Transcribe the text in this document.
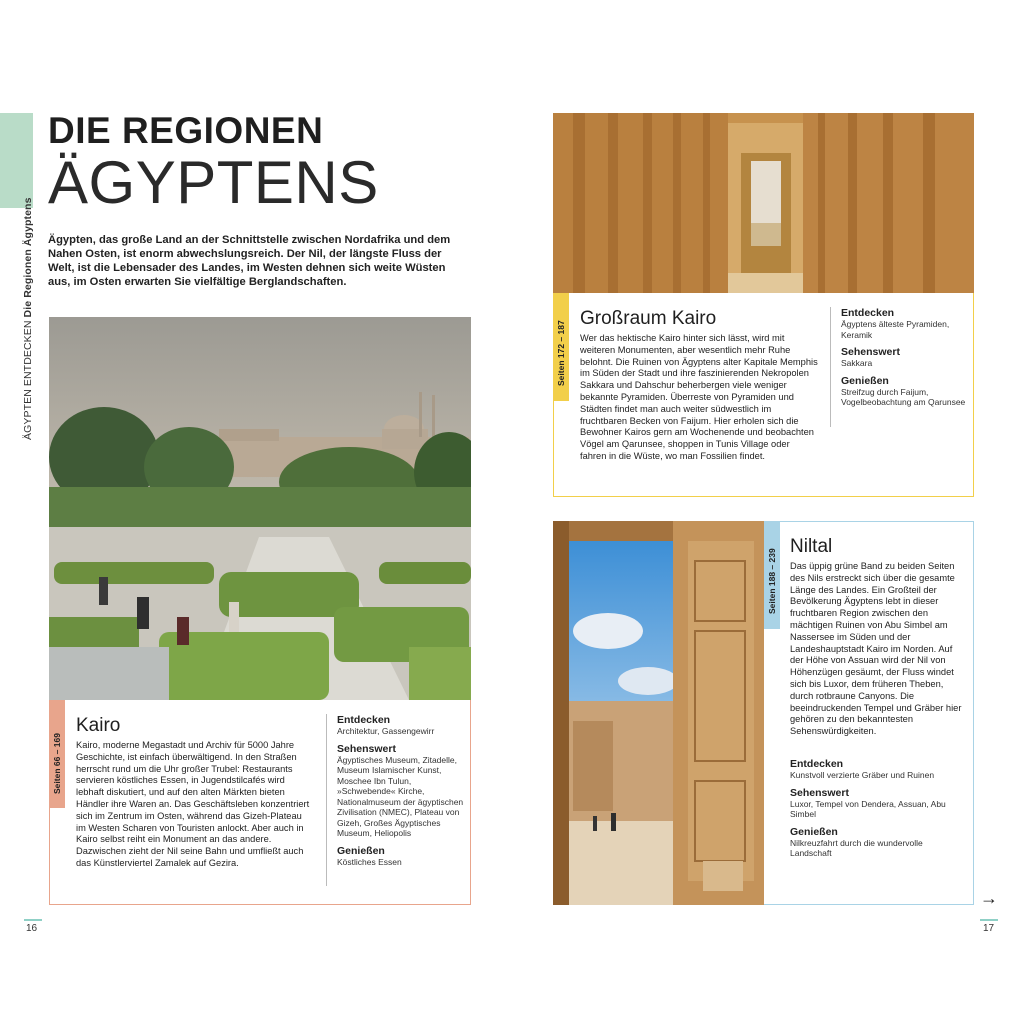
ÄGYPTEN ENTDECKENDie Regionen Ägyptens
DIE REGIONEN
ÄGYPTENS
Ägypten, das große Land an der Schnittstelle zwischen Nordafrika und dem Nahen Osten, ist enorm abwechslungsreich. Der Nil, der längste Fluss der Welt, ist die Lebensader des Landes, im Westen dehnen sich weite Wüsten aus, im Osten erwarten Sie vielfältige Berglandschaften.
Seiten 66 – 169
Kairo
Kairo, moderne Megastadt und Archiv für 5000 Jahre Geschichte, ist einfach überwältigend. In den Straßen herrscht rund um die Uhr großer Trubel: Restaurants servieren köstliches Essen, in Jugendstilcafés wird lebhaft diskutiert, und auf den alten Märkten bieten Händler ihre Waren an. Das Geschäftsleben konzentriert sich im Zentrum im Osten, während das Gizeh-Plateau im Westen Scharen von Touristen anlockt. Aber auch in Kairo selbst reiht ein Monument an das andere. Dazwischen zieht der Nil seine Bahn und umfließt auch das Künstlerviertel Zamalek auf Gezira.
Entdecken

Architektur, Gassengewirr

Sehenswert

Ägyptisches Museum, Zitadelle, Museum Islamischer Kunst, Moschee Ibn Tulun, »Schwebende« Kirche, Nationalmuseum der ägyptischen Zivilisation (NMEC), Plateau von Gizeh, Großes Ägyptisches Museum, Heliopolis

Genießen

Köstliches Essen

16
Seiten 172 – 187
Großraum Kairo
Wer das hektische Kairo hinter sich lässt, wird mit weiteren Monumenten, aber wesentlich mehr Ruhe belohnt. Die Ruinen von Ägyptens alter Kapitale Memphis im Süden der Stadt und ihre faszinierenden Nekropolen Sakkara und Dahschur beherbergen viele weniger bekannte Pyramiden. Überreste von Pyramiden und Städten findet man auch weiter südwestlich im fruchtbaren Becken von Faijum. Hier erholen sich die Bewohner Kairos gern am Wochenende und beobachten Vögel am Qarunsee, shoppen in Tunis Village oder fahren in die Wüste, wo man Fossilien findet.
Entdecken

Ägyptens älteste Pyramiden, Keramik

Sehenswert

Sakkara

Genießen

Streifzug durch Faijum, Vogelbeobachtung am Qarunsee

Seiten 188 – 239
Niltal
Das üppig grüne Band zu beiden Seiten des Nils erstreckt sich über die gesamte Länge des Landes. Ein Großteil der Bevölkerung Ägyptens lebt in dieser fruchtbaren Region zwischen den mächtigen Ruinen von Abu Simbel am Nassersee im Süden und der Landeshauptstadt Kairo im Norden. Auf der Höhe von Assuan wird der Nil von Höhenzügen gesäumt, der Fluss windet sich bis Luxor, dem früheren Theben, durch rotbraune Canyons. Die beeindruckenden Tempel und Gräber hier gehören zu den bekanntesten Sehenswürdigkeiten.
Entdecken

Kunstvoll verzierte Gräber und Ruinen

Sehenswert

Luxor, Tempel von Dendera, Assuan, Abu Simbel

Genießen

Nilkreuzfahrt durch die wundervolle Landschaft

→
17
